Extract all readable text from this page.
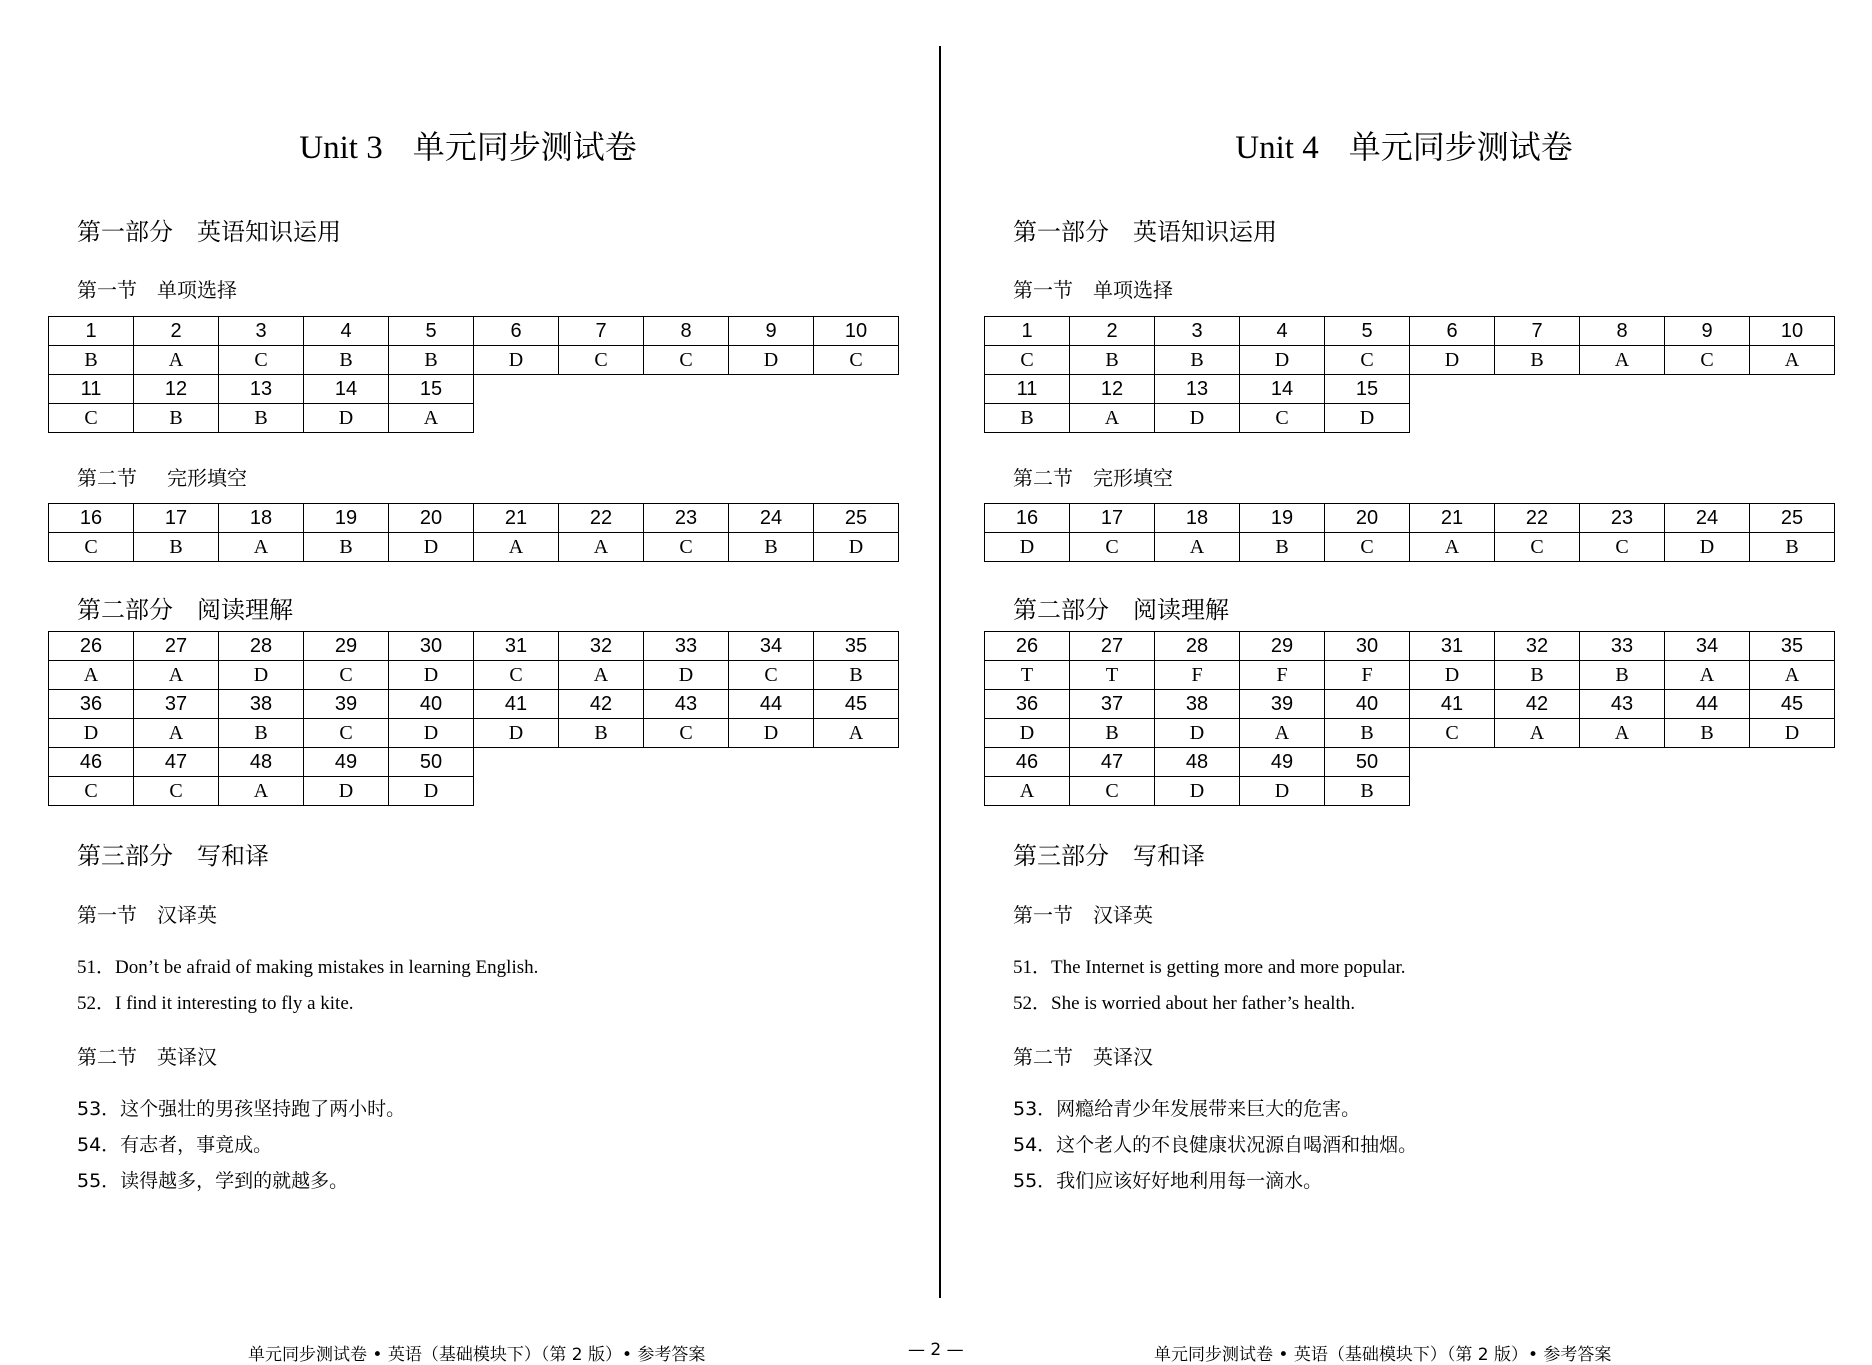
Unit 3 单元同步测试卷
第一部分 英语知识运用
第一节 单项选择
1	2	3	4	5	6	7	8	9	10
B	A	C	B	B	D	C	C	D	C
11	12	13	14	15					
C	B	B	D	A					
第二节 完形填空
16	17	18	19	20	21	22	23	24	25
C	B	A	B	D	A	A	C	B	D
第二部分 阅读理解
26	27	28	29	30	31	32	33	34	35
A	A	D	C	D	C	A	D	C	B
36	37	38	39	40	41	42	43	44	45
D	A	B	C	D	D	B	C	D	A
46	47	48	49	50					
C	C	A	D	D					
第三部分 写和译
第一节 汉译英
51．Don’t be afraid of making mistakes in learning English.
52．I find it interesting to fly a kite.
第二节 英译汉
53．这个强壮的男孩坚持跑了两小时。
54．有志者，事竟成。
55．读得越多，学到的就越多。
Unit 4 单元同步测试卷
第一部分 英语知识运用
第一节 单项选择
1	2	3	4	5	6	7	8	9	10
C	B	B	D	C	D	B	A	C	A
11	12	13	14	15					
B	A	D	C	D					
第二节 完形填空
16	17	18	19	20	21	22	23	24	25
D	C	A	B	C	A	C	C	D	B
第二部分 阅读理解
26	27	28	29	30	31	32	33	34	35
T	T	F	F	F	D	B	B	A	A
36	37	38	39	40	41	42	43	44	45
D	B	D	A	B	C	A	A	B	D
46	47	48	49	50					
A	C	D	D	B					
第三部分 写和译
第一节 汉译英
51．The Internet is getting more and more popular.
52．She is worried about her father’s health.
第二节 英译汉
53．网瘾给青少年发展带来巨大的危害。
54．这个老人的不良健康状况源自喝酒和抽烟。
55．我们应该好好地利用每一滴水。
单元同步测试卷 • 英语（基础模块下）（第 2 版）• 参考答案	— 2 —	单元同步测试卷 • 英语（基础模块下）（第 2 版）• 参考答案
